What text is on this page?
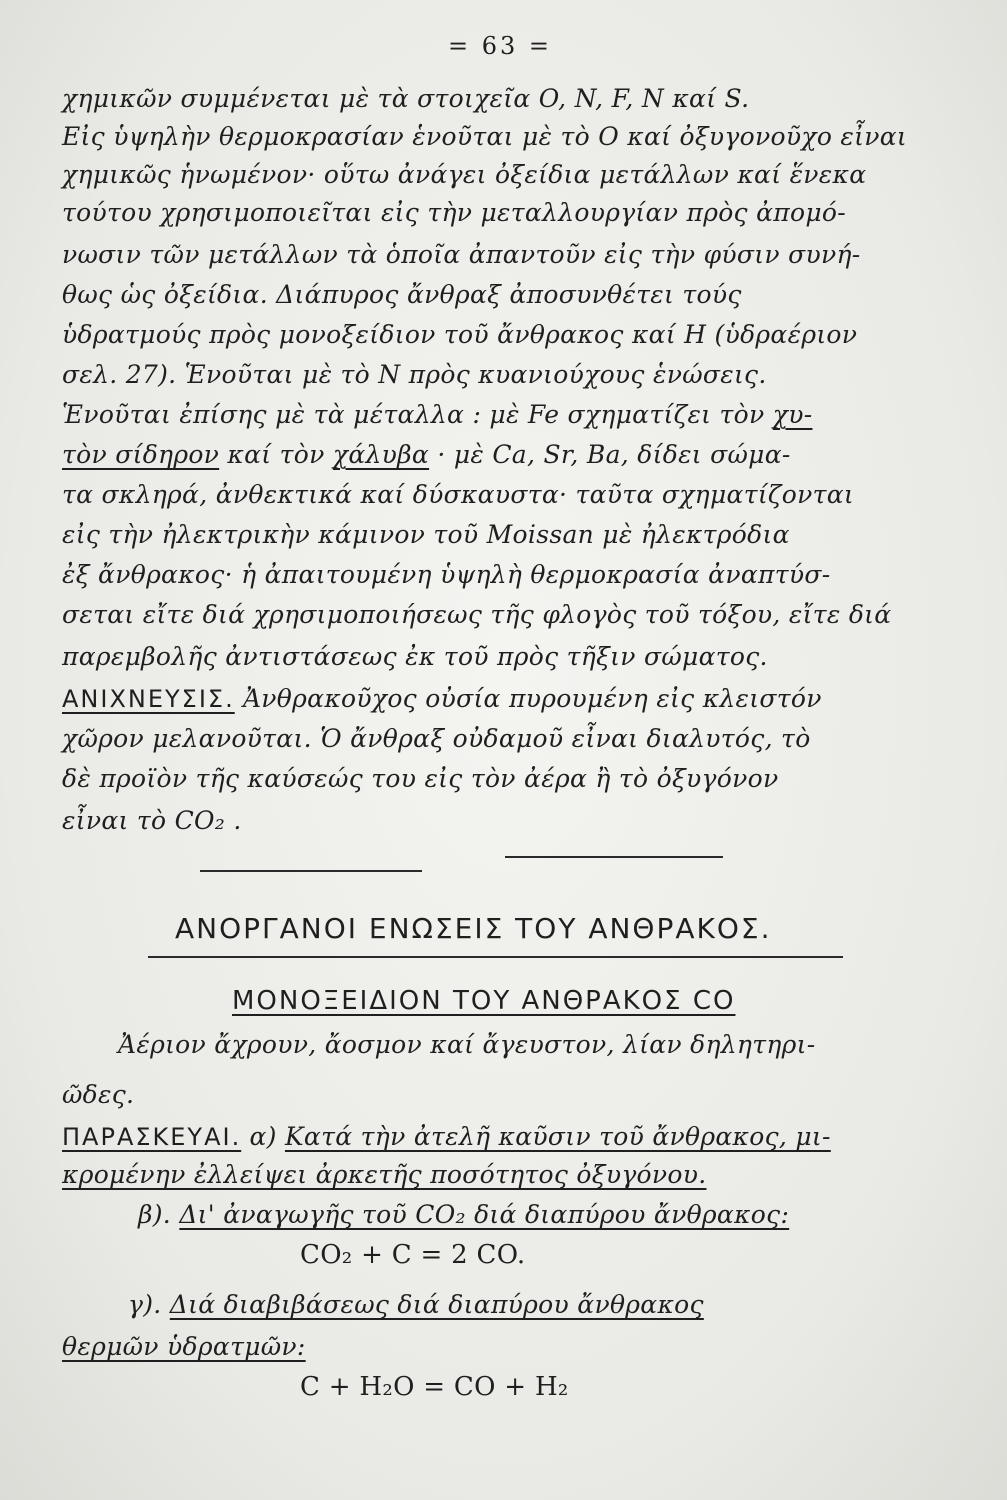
= 63 =
χημικῶν συμμένεται μὲ τὰ στοιχεῖα O, N, F, N καί S.
Εἰς ὑψηλὴν θερμοκρασίαν ἑνοῦται μὲ τὸ O καί ὀξυγονοῦχο εἶναι
χημικῶς ἡνωμένον· οὕτω ἀνάγει ὀξείδια μετάλλων καί ἕνεκα
τούτου χρησιμοποιεῖται εἰς τὴν μεταλλουργίαν πρὸς ἀπομό-
νωσιν τῶν μετάλλων τὰ ὁποῖα ἀπαντοῦν εἰς τὴν φύσιν συνή-
θως ὡς ὀξείδια. Διάπυρος ἄνθραξ ἀποσυνθέτει τούς
ὑδρατμούς πρὸς μονοξείδιον τοῦ ἄνθρακος καί H (ὑδραέριον
σελ. 27). Ἑνοῦται μὲ τὸ N πρὸς κυανιούχους ἑνώσεις.
Ἑνοῦται ἐπίσης μὲ τὰ μέταλλα : μὲ Fe σχηματίζει τὸν χυ-
τὸν σίδηρον καί τὸν χάλυβα · μὲ Ca, Sr, Ba, δίδει σώμα-
τα σκληρά, ἀνθεκτικά καί δύσκαυστα· ταῦτα σχηματίζονται
εἰς τὴν ἠλεκτρικὴν κάμινον τοῦ Moissan μὲ ἠλεκτρόδια
ἐξ ἄνθρακος· ἡ ἀπαιτουμένη ὑψηλὴ θερμοκρασία ἀναπτύσ-
σεται εἴτε διά χρησιμοποιήσεως τῆς φλογὸς τοῦ τόξου, εἴτε διά
παρεμβολῆς ἀντιστάσεως ἐκ τοῦ πρὸς τῆξιν σώματος.
ΑΝΙΧΝΕΥΣΙΣ. Ἀνθρακοῦχος οὐσία πυρουμένη εἰς κλειστόν
χῶρον μελανοῦται. Ὁ ἄνθραξ οὐδαμοῦ εἶναι διαλυτός, τὸ
δὲ προϊὸν τῆς καύσεώς του εἰς τὸν ἀέρα ἢ τὸ ὀξυγόνον
εἶναι τὸ CO₂ .
ΑΝΟΡΓΑΝΟΙ ΕΝΩΣΕΙΣ ΤΟΥ ΑΝΘΡΑΚΟΣ.
ΜΟΝΟΞΕΙΔΙΟΝ ΤΟΥ ΑΝΘΡΑΚΟΣ CO
Ἀέριον ἄχρουν, ἄοσμον καί ἄγευστον, λίαν δηλητηρι-
ῶδες.
ΠΑΡΑΣΚΕΥΑΙ. α) Κατά τὴν ἀτελῆ καῦσιν τοῦ ἄνθρακος, μι-
κρομένην ἐλλείψει ἀρκετῆς ποσότητος ὀξυγόνου.
β). Δι' ἀναγωγῆς τοῦ CO₂ διά διαπύρου ἄνθρακος:
CO₂ + C = 2 CO.
γ). Διά διαβιβάσεως διά διαπύρου ἄνθρακος
θερμῶν ὑδρατμῶν:
C + H₂O = CO + H₂
